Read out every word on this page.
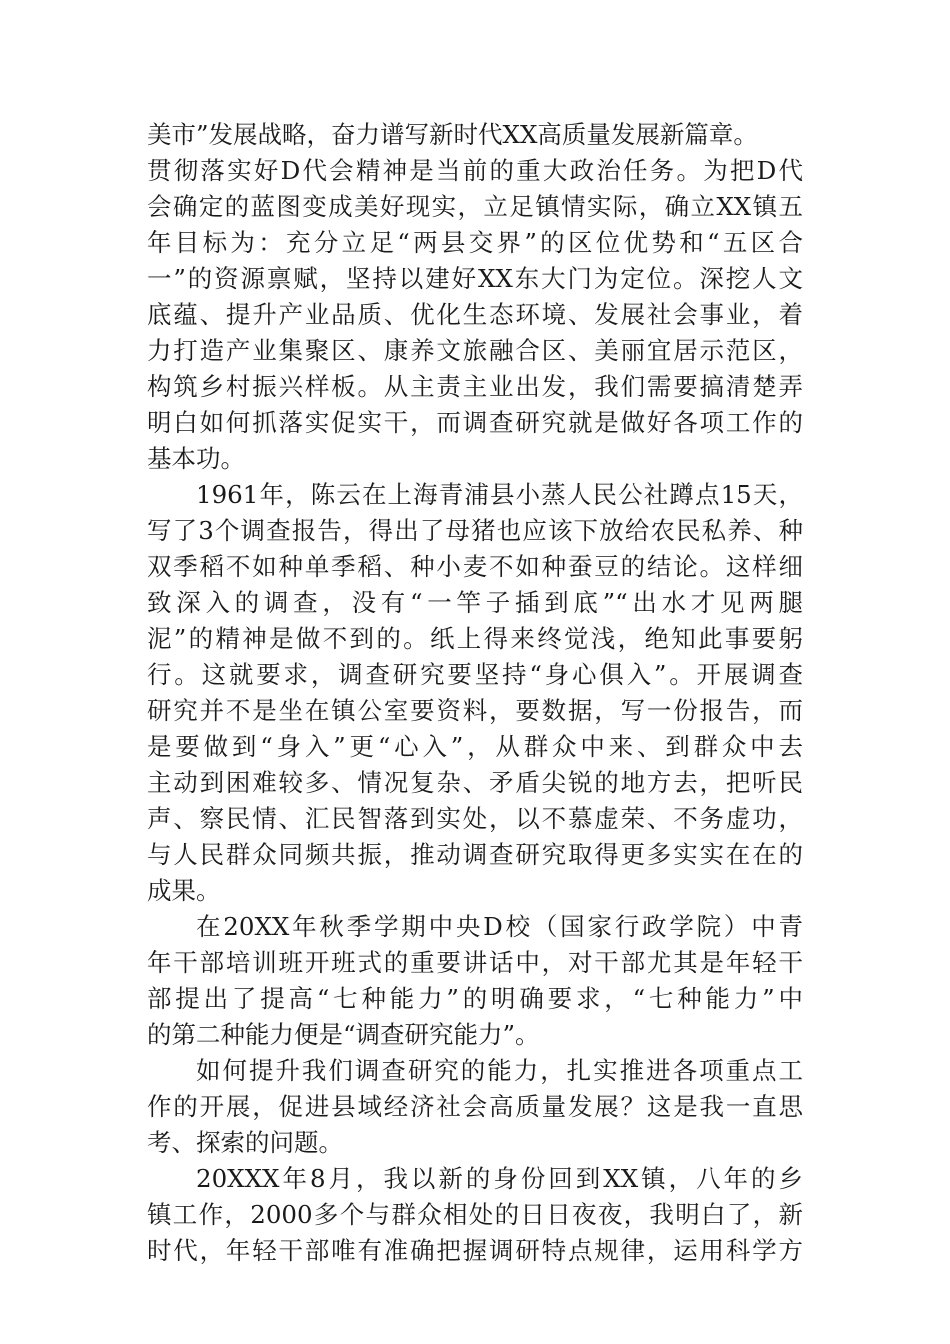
美市”发展战略，奋力谱写新时代XX高质量发展新篇章。
贯彻落实好D代会精神是当前的重大政治任务。为把D代
会确定的蓝图变成美好现实，立足镇情实际，确立XX镇五
年目标为：充分立足“两县交界”的区位优势和“五区合
一”的资源禀赋，坚持以建好XX东大门为定位。深挖人文
底蕴、提升产业品质、优化生态环境、发展社会事业，着
力打造产业集聚区、康养文旅融合区、美丽宜居示范区，
构筑乡村振兴样板。从主责主业出发，我们需要搞清楚弄
明白如何抓落实促实干，而调查研究就是做好各项工作的
基本功。
1961年，陈云在上海青浦县小蒸人民公社蹲点15天，
写了3个调查报告，得出了母猪也应该下放给农民私养、种
双季稻不如种单季稻、种小麦不如种蚕豆的结论。这样细
致深入的调查，没有“一竿子插到底”“出水才见两腿
泥”的精神是做不到的。纸上得来终觉浅，绝知此事要躬
行。这就要求，调查研究要坚持“身心俱入”。开展调查
研究并不是坐在镇公室要资料，要数据，写一份报告，而
是要做到“身入”更“心入”，从群众中来、到群众中去
主动到困难较多、情况复杂、矛盾尖锐的地方去，把听民
声、察民情、汇民智落到实处，以不慕虚荣、不务虚功，
与人民群众同频共振，推动调查研究取得更多实实在在的
成果。
在20XX年秋季学期中央D校（国家行政学院）中青
年干部培训班开班式的重要讲话中，对干部尤其是年轻干
部提出了提高“七种能力”的明确要求，“七种能力”中
的第二种能力便是“调查研究能力”。
如何提升我们调查研究的能力，扎实推进各项重点工
作的开展，促进县域经济社会高质量发展？这是我一直思
考、探索的问题。
20XXX年8月，我以新的身份回到XX镇，八年的乡
镇工作，2000多个与群众相处的日日夜夜，我明白了，新
时代，年轻干部唯有准确把握调研特点规律，运用科学方
